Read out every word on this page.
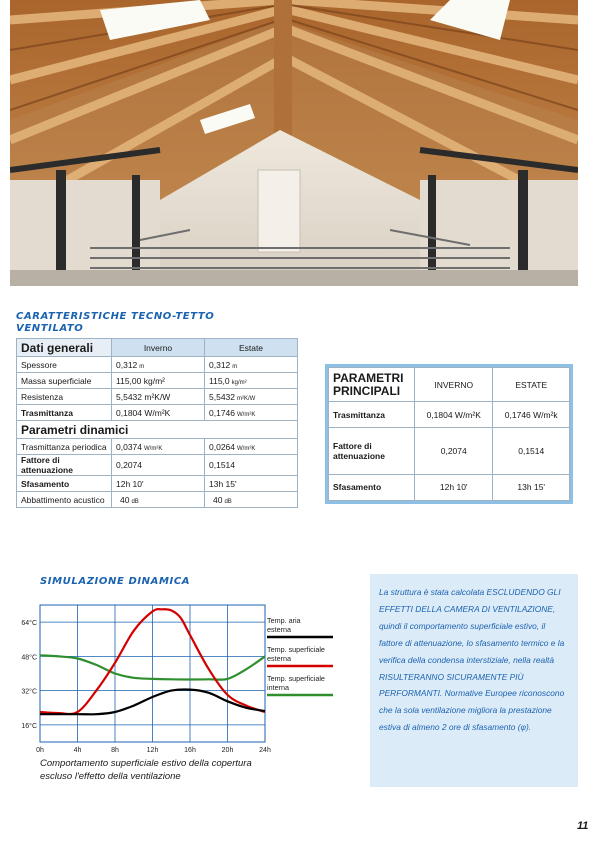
CARATTERISTICHE TECNO-TETTO
VENTILATO
Dati generali	Inverno	Estate
Spessore	0,312 m	0,312 m
Massa superficiale	115,00 kg/m²	115,0 kg/m²
Resistenza	5,5432 m²K/W	5,5432 m²K/W
Trasmittanza	0,1804 W/m²K	0,1746 W/m²K
Parametri dinamici		
Trasmittanza periodica	0,0374 W/m²K	0,0264 W/m²K
Fattore di attenuazione	0,2074	0,1514
Sfasamento	12h 10'	13h 15'
Abbattimento acustico	40 dB	40 dB
PARAMETRI
PRINCIPALI	INVERNO	ESTATE
Trasmittanza	0,1804 W/m²K	0,1746 W/m²k
Fattore di attenuazione	0,2074	0,1514
Sfasamento	12h 10'	13h 15'
SIMULAZIONE DINAMICA
0h	4h	8h	12h	16h	20h	24h
16°C
32°C
48°C
64°C	Temp. aria esterna
Temp. superficiale esterna
Temp. superficiale interna
Comportamento superficiale estivo della copertura escluso l'effetto della ventilazione
La struttura è stata calcolata ESCLUDENDO GLI EFFETTI DELLA CAMERA DI VENTILAZIONE, quindi il comportamento superficiale estivo, il fattore di attenuazione, lo sfasamento termico e la verifica della condensa interstiziale, nella realtà RISULTERANNO SICURAMENTE PIÙ PERFORMANTI. Normative Europee riconoscono che la sola ventilazione migliora la prestazione estiva di almeno 2 ore di sfasamento (φ).
11
